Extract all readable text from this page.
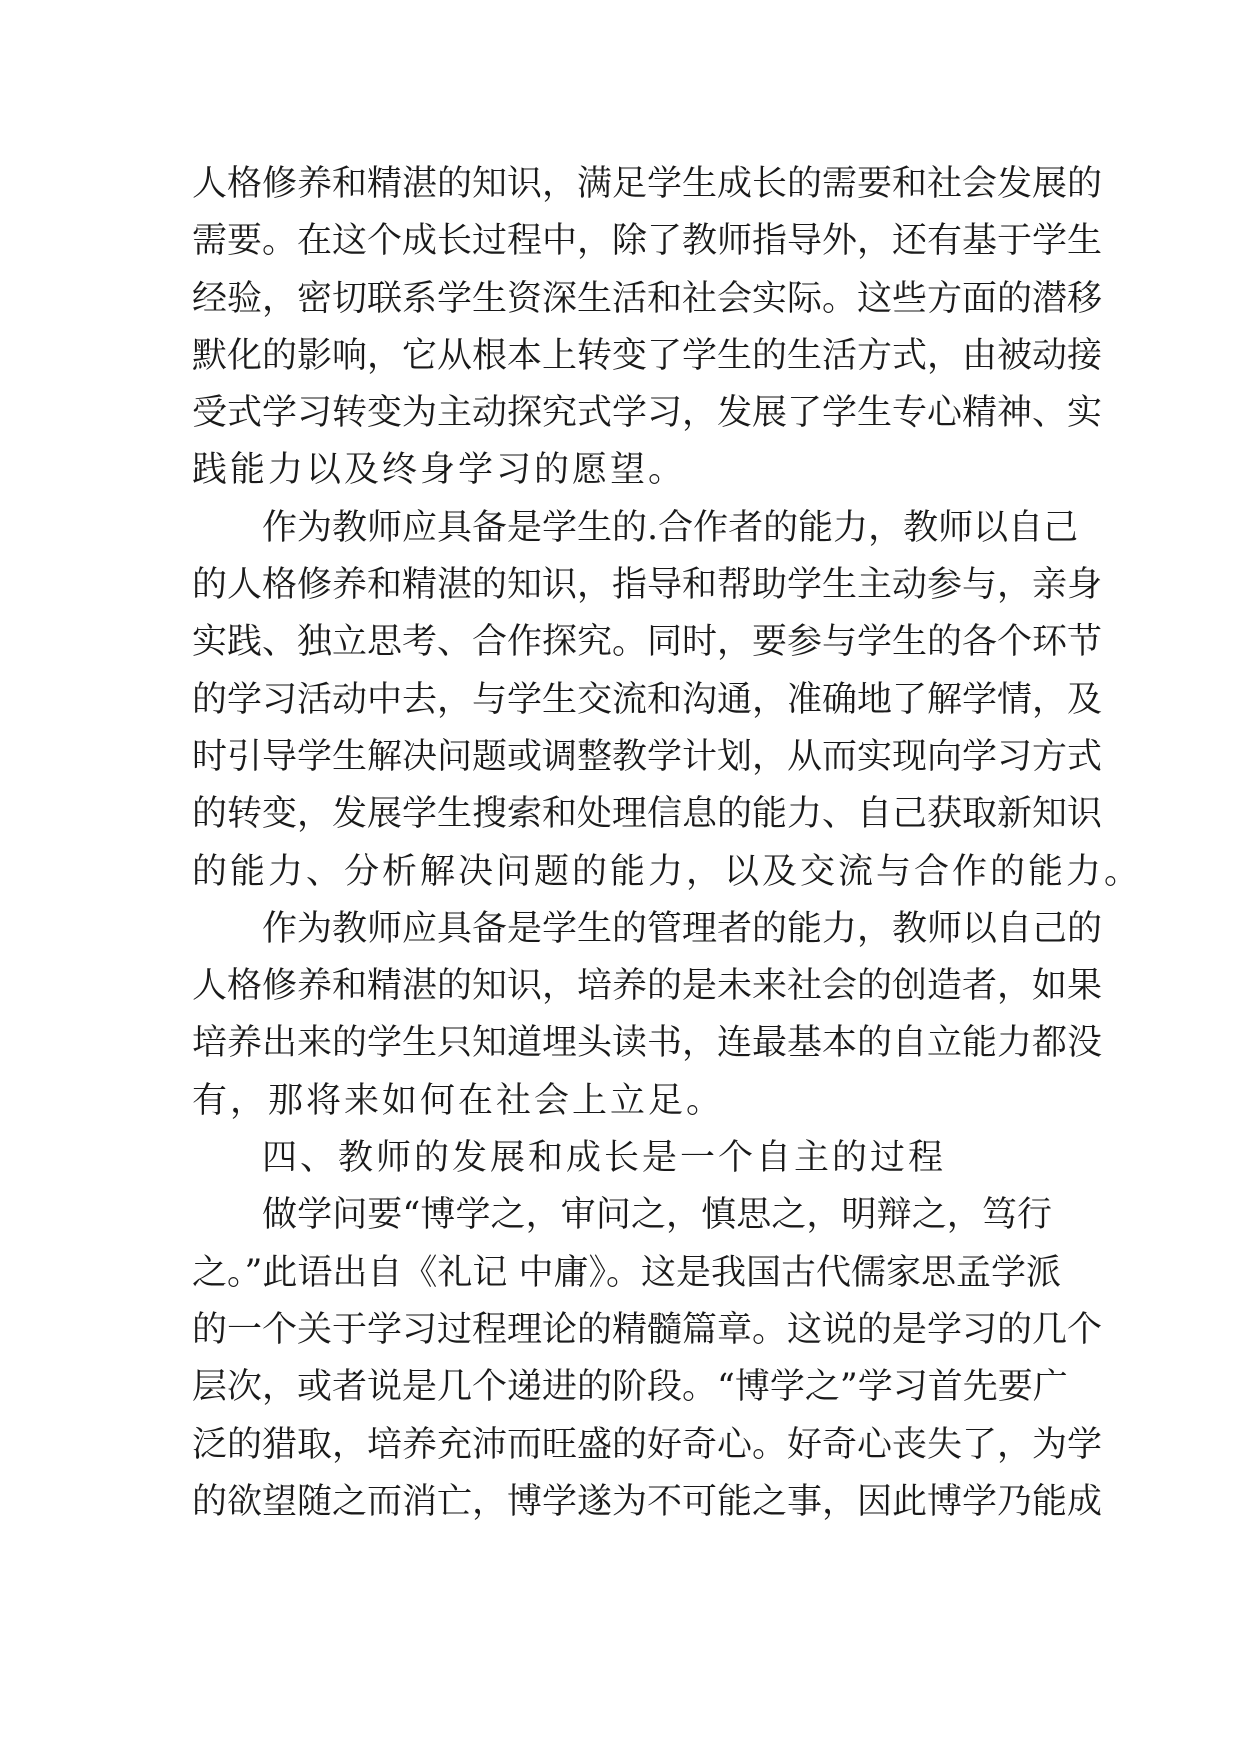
人格修养和精湛的知识，满足学生成长的需要和社会发展的
需要。在这个成长过程中，除了教师指导外，还有基于学生
经验，密切联系学生资深生活和社会实际。这些方面的潜移
默化的影响，它从根本上转变了学生的生活方式，由被动接
受式学习转变为主动探究式学习，发展了学生专心精神、实
践能力以及终身学习的愿望。
作为教师应具备是学生的.合作者的能力，教师以自己
的人格修养和精湛的知识，指导和帮助学生主动参与，亲身
实践、独立思考、合作探究。同时，要参与学生的各个环节
的学习活动中去，与学生交流和沟通，准确地了解学情，及
时引导学生解决问题或调整教学计划，从而实现向学习方式
的转变，发展学生搜索和处理信息的能力、自己获取新知识
的能力、分析解决问题的能力，以及交流与合作的能力。
作为教师应具备是学生的管理者的能力，教师以自己的
人格修养和精湛的知识，培养的是未来社会的创造者，如果
培养出来的学生只知道埋头读书，连最基本的自立能力都没
有，那将来如何在社会上立足。
四、教师的发展和成长是一个自主的过程
做学问要“博学之，审问之，慎思之，明辩之，笃行
之。”此语出自《礼记 中庸》。这是我国古代儒家思孟学派
的一个关于学习过程理论的精髓篇章。这说的是学习的几个
层次，或者说是几个递进的阶段。“博学之”学习首先要广
泛的猎取，培养充沛而旺盛的好奇心。好奇心丧失了，为学
的欲望随之而消亡，博学遂为不可能之事，因此博学乃能成
